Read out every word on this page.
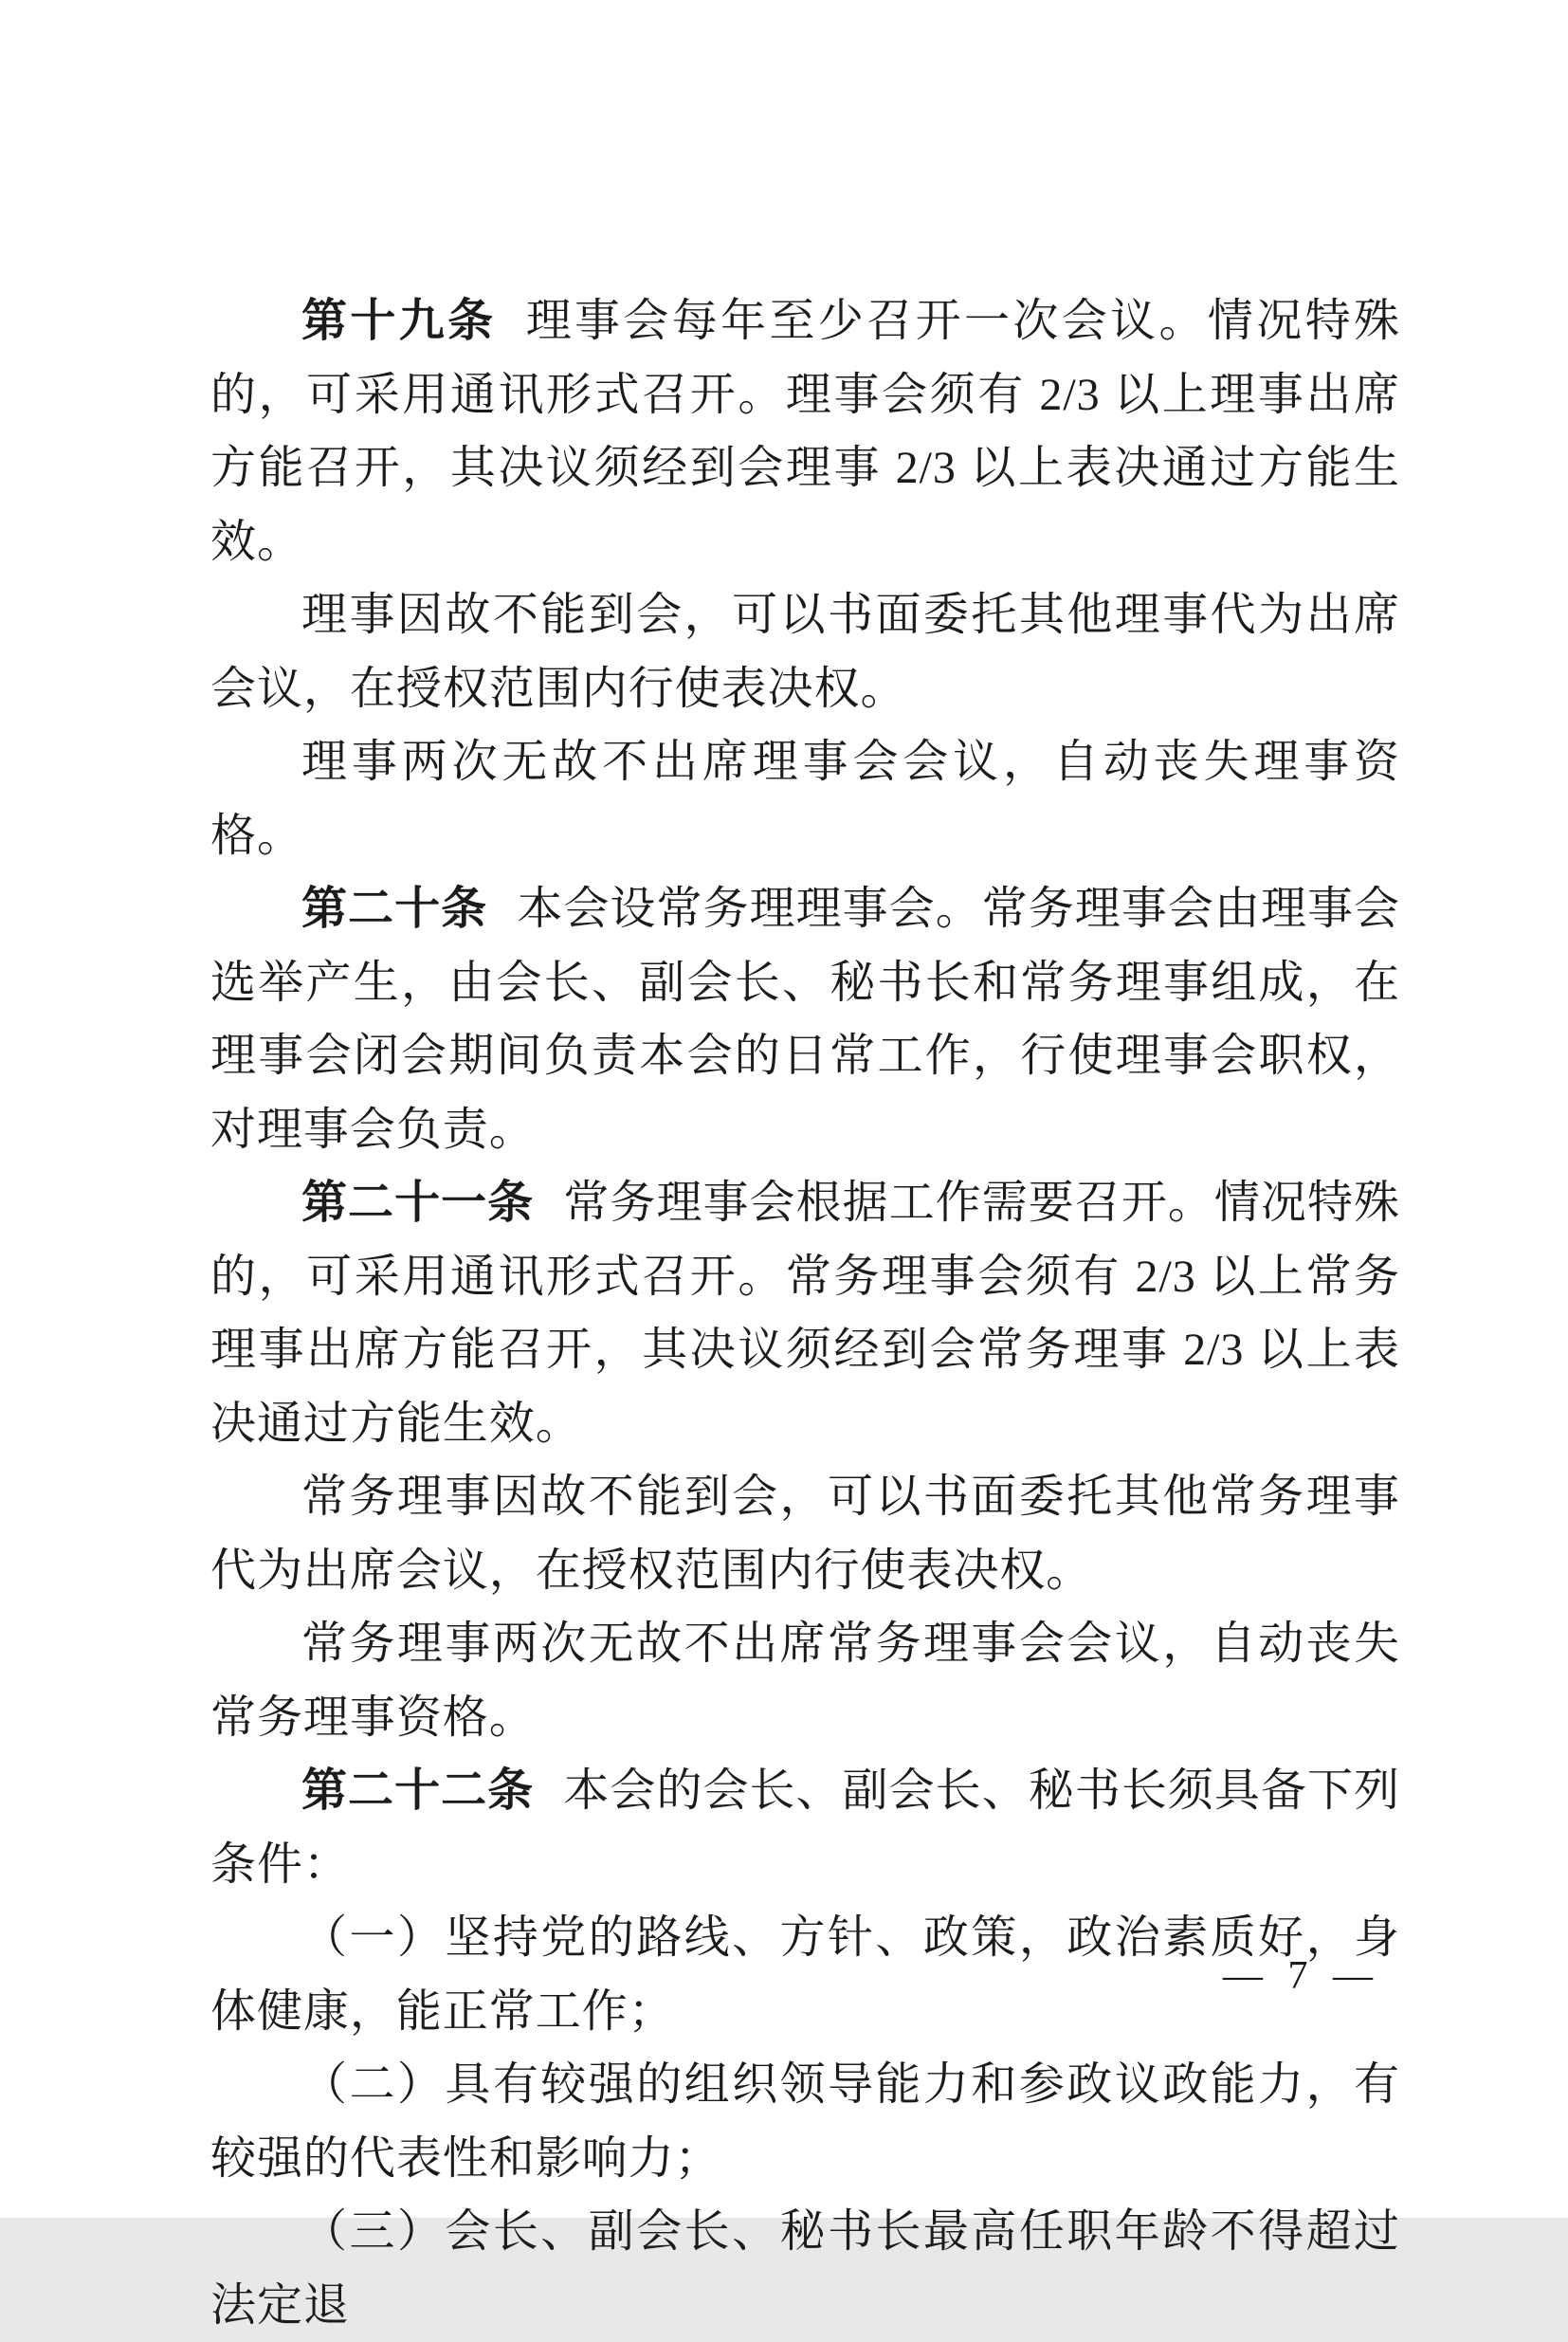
第十九条 理事会每年至少召开一次会议。情况特殊的，可采用通讯形式召开。理事会须有 2/3 以上理事出席方能召开，其决议须经到会理事 2/3 以上表决通过方能生效。

理事因故不能到会，可以书面委托其他理事代为出席会议，在授权范围内行使表决权。

理事两次无故不出席理事会会议，自动丧失理事资格。

第二十条 本会设常务理理事会。常务理事会由理事会选举产生，由会长、副会长、秘书长和常务理事组成，在理事会闭会期间负责本会的日常工作，行使理事会职权，对理事会负责。

第二十一条 常务理事会根据工作需要召开。情况特殊的，可采用通讯形式召开。常务理事会须有 2/3 以上常务理事出席方能召开，其决议须经到会常务理事 2/3 以上表决通过方能生效。

常务理事因故不能到会，可以书面委托其他常务理事代为出席会议，在授权范围内行使表决权。

常务理事两次无故不出席常务理事会会议，自动丧失常务理事资格。

第二十二条 本会的会长、副会长、秘书长须具备下列条件：

（一）坚持党的路线、方针、政策，政治素质好，身体健康，能正常工作；

（二）具有较强的组织领导能力和参政议政能力，有较强的代表性和影响力；

（三）会长、副会长、秘书长最高任职年龄不得超过法定退

— 7 —
